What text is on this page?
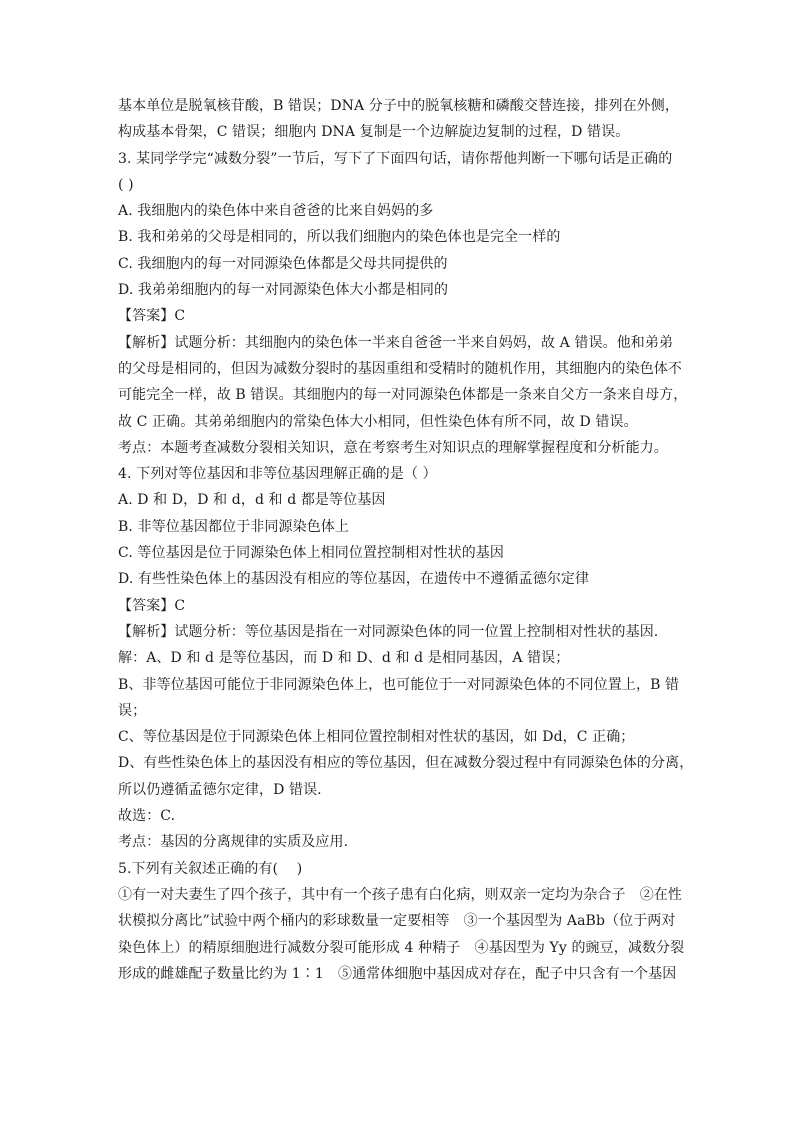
基本单位是脱氧核苷酸，B 错误；DNA 分子中的脱氧核糖和磷酸交替连接，排列在外侧，
构成基本骨架，C 错误；细胞内 DNA 复制是一个边解旋边复制的过程，D 错误。
3. 某同学学完“减数分裂”一节后，写下了下面四句话，请你帮他判断一下哪句话是正确的
( )
A. 我细胞内的染色体中来自爸爸的比来自妈妈的多
B. 我和弟弟的父母是相同的，所以我们细胞内的染色体也是完全一样的
C. 我细胞内的每一对同源染色体都是父母共同提供的
D. 我弟弟细胞内的每一对同源染色体大小都是相同的
【答案】C
【解析】试题分析：其细胞内的染色体一半来自爸爸一半来自妈妈，故 A 错误。他和弟弟
的父母是相同的，但因为减数分裂时的基因重组和受精时的随机作用，其细胞内的染色体不
可能完全一样，故 B 错误。其细胞内的每一对同源染色体都是一条来自父方一条来自母方，
故 C 正确。其弟弟细胞内的常染色体大小相同，但性染色体有所不同，故 D 错误。
考点：本题考查减数分裂相关知识，意在考察考生对知识点的理解掌握程度和分析能力。
4. 下列对等位基因和非等位基因理解正确的是（ ）
A. D 和 D，D 和 d，d 和 d 都是等位基因
B. 非等位基因都位于非同源染色体上
C. 等位基因是位于同源染色体上相同位置控制相对性状的基因
D. 有些性染色体上的基因没有相应的等位基因，在遗传中不遵循孟德尔定律
【答案】C
【解析】试题分析：等位基因是指在一对同源染色体的同一位置上控制相对性状的基因.
解：A、D 和 d 是等位基因，而 D 和 D、d 和 d 是相同基因，A 错误；
B、非等位基因可能位于非同源染色体上，也可能位于一对同源染色体的不同位置上，B 错
误；
C、等位基因是位于同源染色体上相同位置控制相对性状的基因，如 Dd，C 正确；
D、有些性染色体上的基因没有相应的等位基因，但在减数分裂过程中有同源染色体的分离，
所以仍遵循孟德尔定律，D 错误.
故选：C.
考点：基因的分离规律的实质及应用.
5.下列有关叙述正确的有(　 )
①有一对夫妻生了四个孩子，其中有一个孩子患有白化病，则双亲一定均为杂合子　②在性
状模拟分离比”试验中两个桶内的彩球数量一定要相等　③一个基因型为 AaBb（位于两对
染色体上）的精原细胞进行减数分裂可能形成 4 种精子　④基因型为 Yy 的豌豆，减数分裂
形成的雌雄配子数量比约为 1∶1　⑤通常体细胞中基因成对存在，配子中只含有一个基因
